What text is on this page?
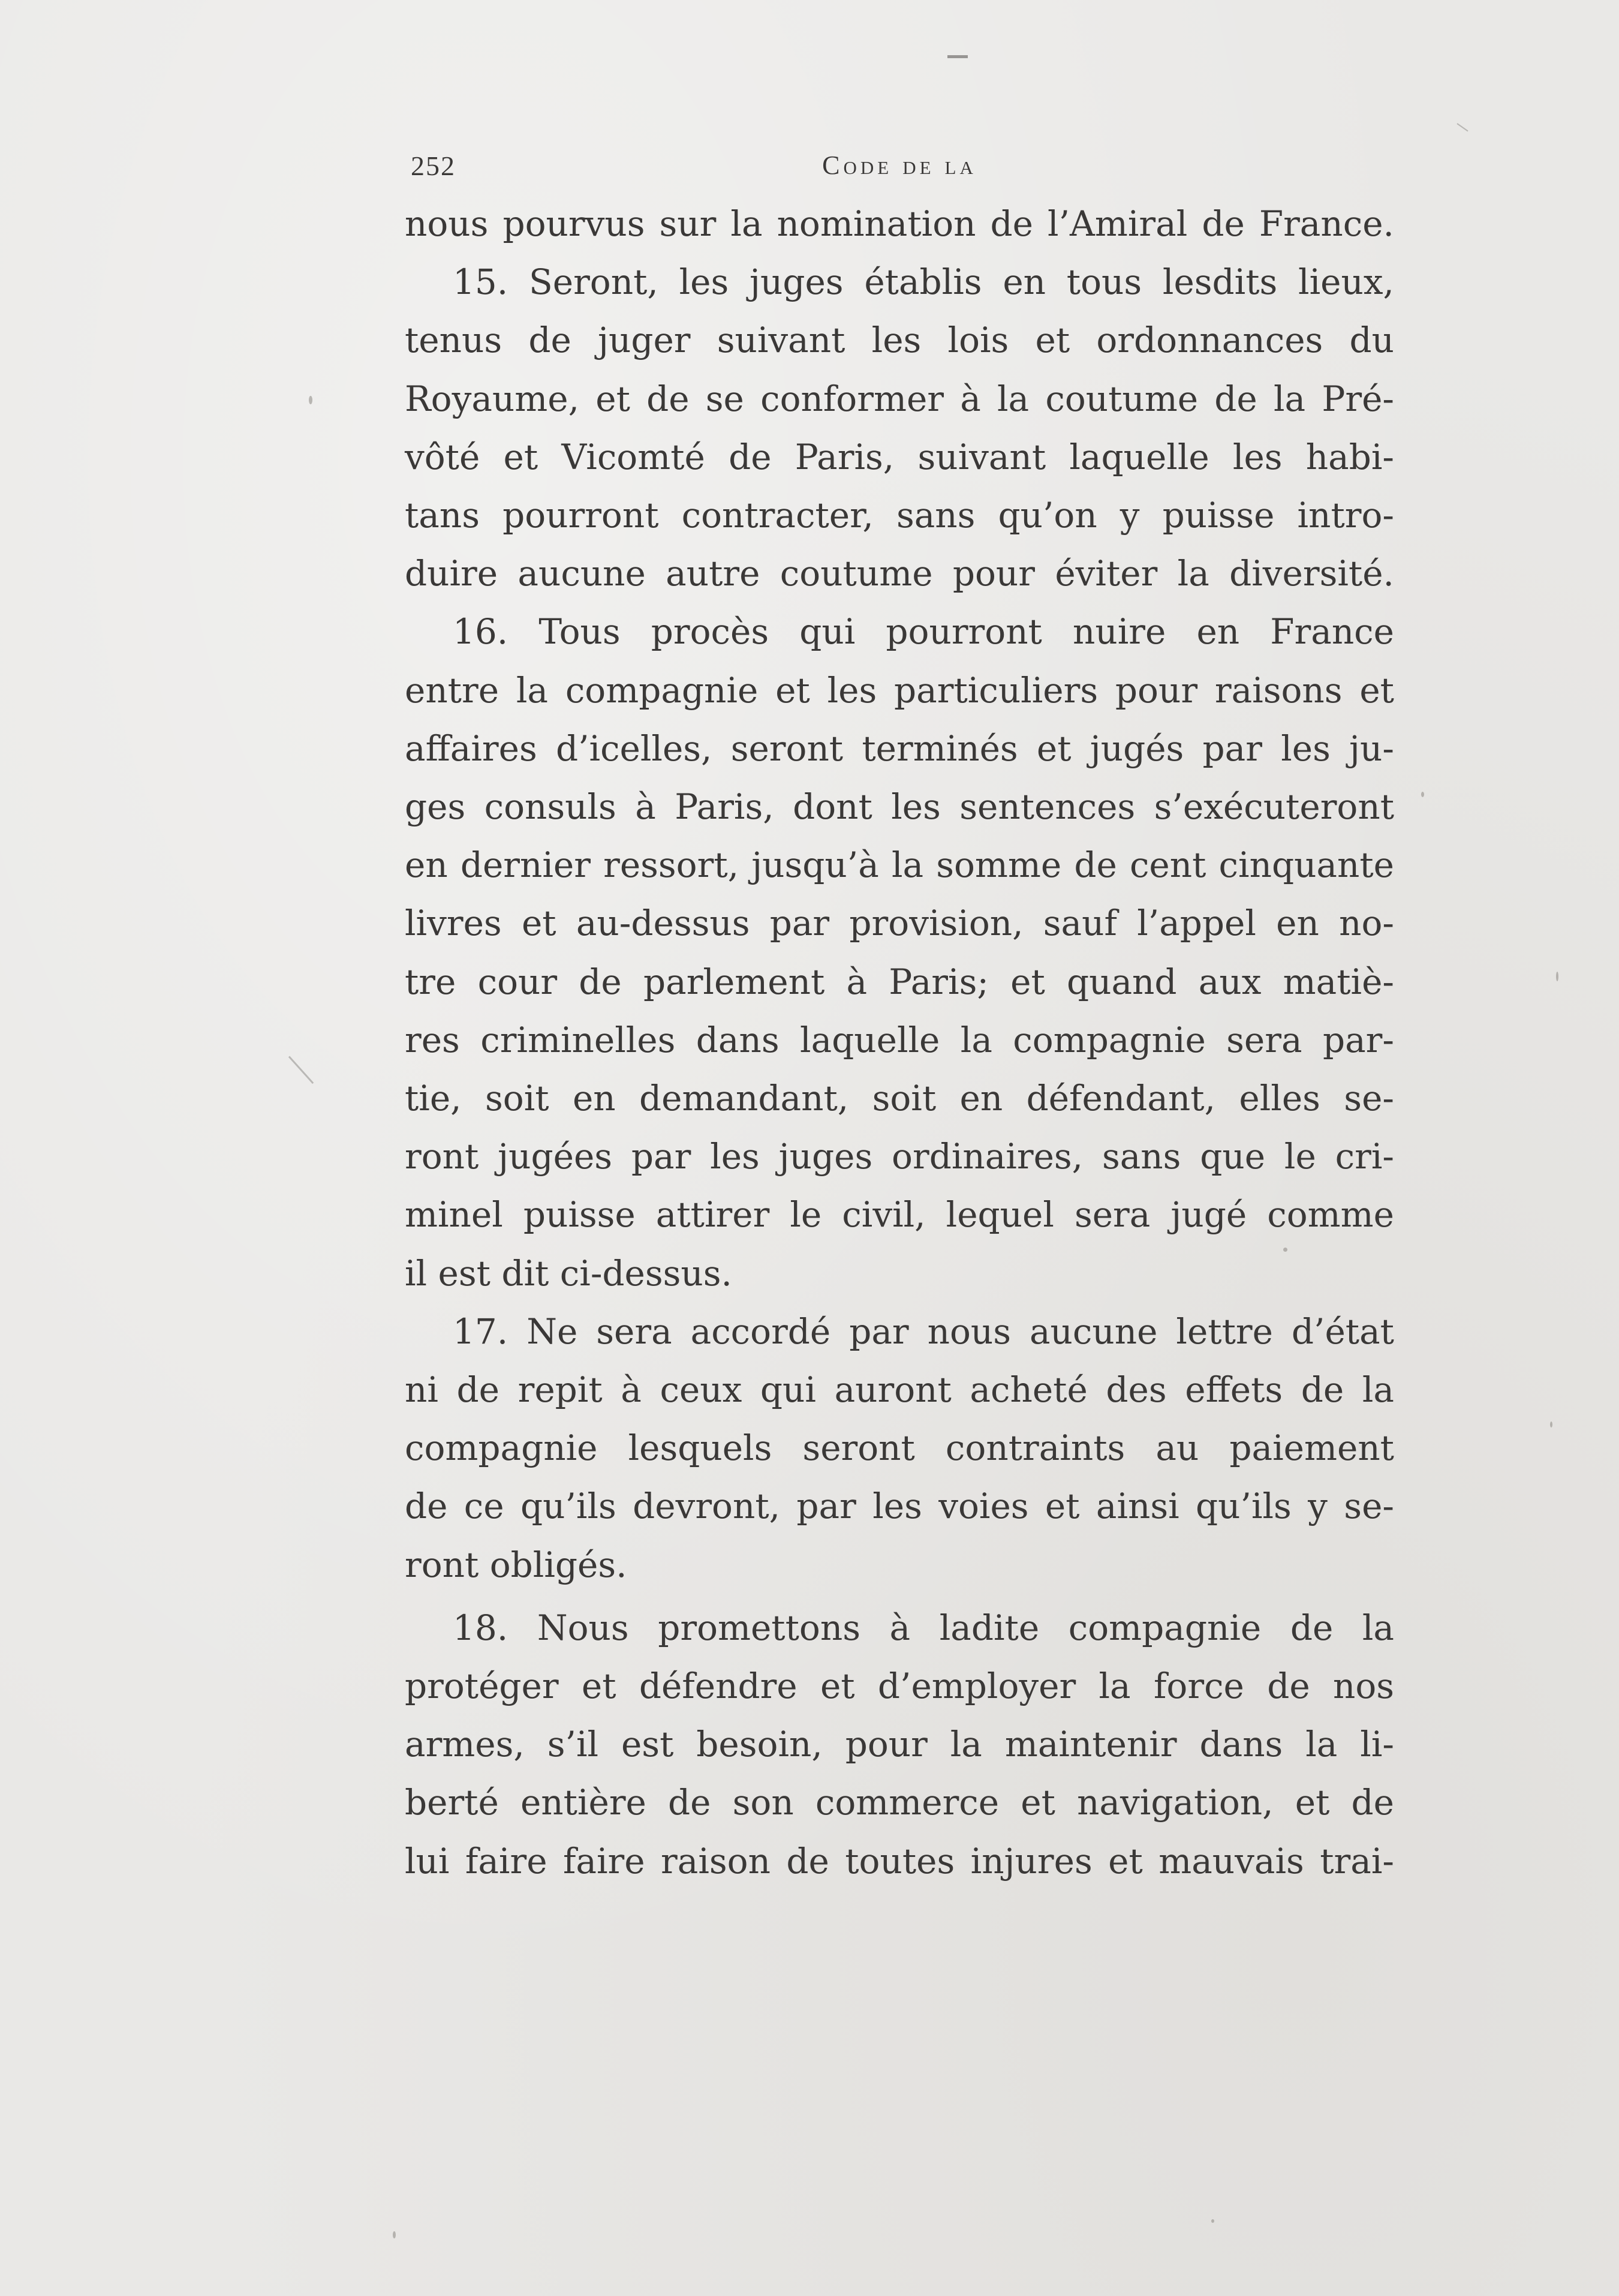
252	Code de la
nous pourvus sur la nomination de l’Amiral de France.
15. Seront, les juges établis en tous lesdits lieux,
tenus de juger suivant les lois et ordonnances du
Royaume, et de se conformer à la coutume de la Pré-
vôté et Vicomté de Paris, suivant laquelle les habi-
tans pourront contracter, sans qu’on y puisse intro-
duire aucune autre coutume pour éviter la diversité.
16. Tous procès qui pourront nuire en France
entre la compagnie et les particuliers pour raisons et
affaires d’icelles, seront terminés et jugés par les ju-
ges consuls à Paris, dont les sentences s’exécuteront
en dernier ressort, jusqu’à la somme de cent cinquante
livres et au-dessus par provision, sauf l’appel en no-
tre cour de parlement à Paris; et quand aux matiè-
res criminelles dans laquelle la compagnie sera par-
tie, soit en demandant, soit en défendant, elles se-
ront jugées par les juges ordinaires, sans que le cri-
minel puisse attirer le civil, lequel sera jugé comme
il est dit ci-dessus.
17. Ne sera accordé par nous aucune lettre d’état
ni de repit à ceux qui auront acheté des effets de la
compagnie lesquels seront contraints au paiement
de ce qu’ils devront, par les voies et ainsi qu’ils y se-
ront obligés.
18. Nous promettons à ladite compagnie de la
protéger et défendre et d’employer la force de nos
armes, s’il est besoin, pour la maintenir dans la li-
berté entière de son commerce et navigation, et de
lui faire faire raison de toutes injures et mauvais trai-
